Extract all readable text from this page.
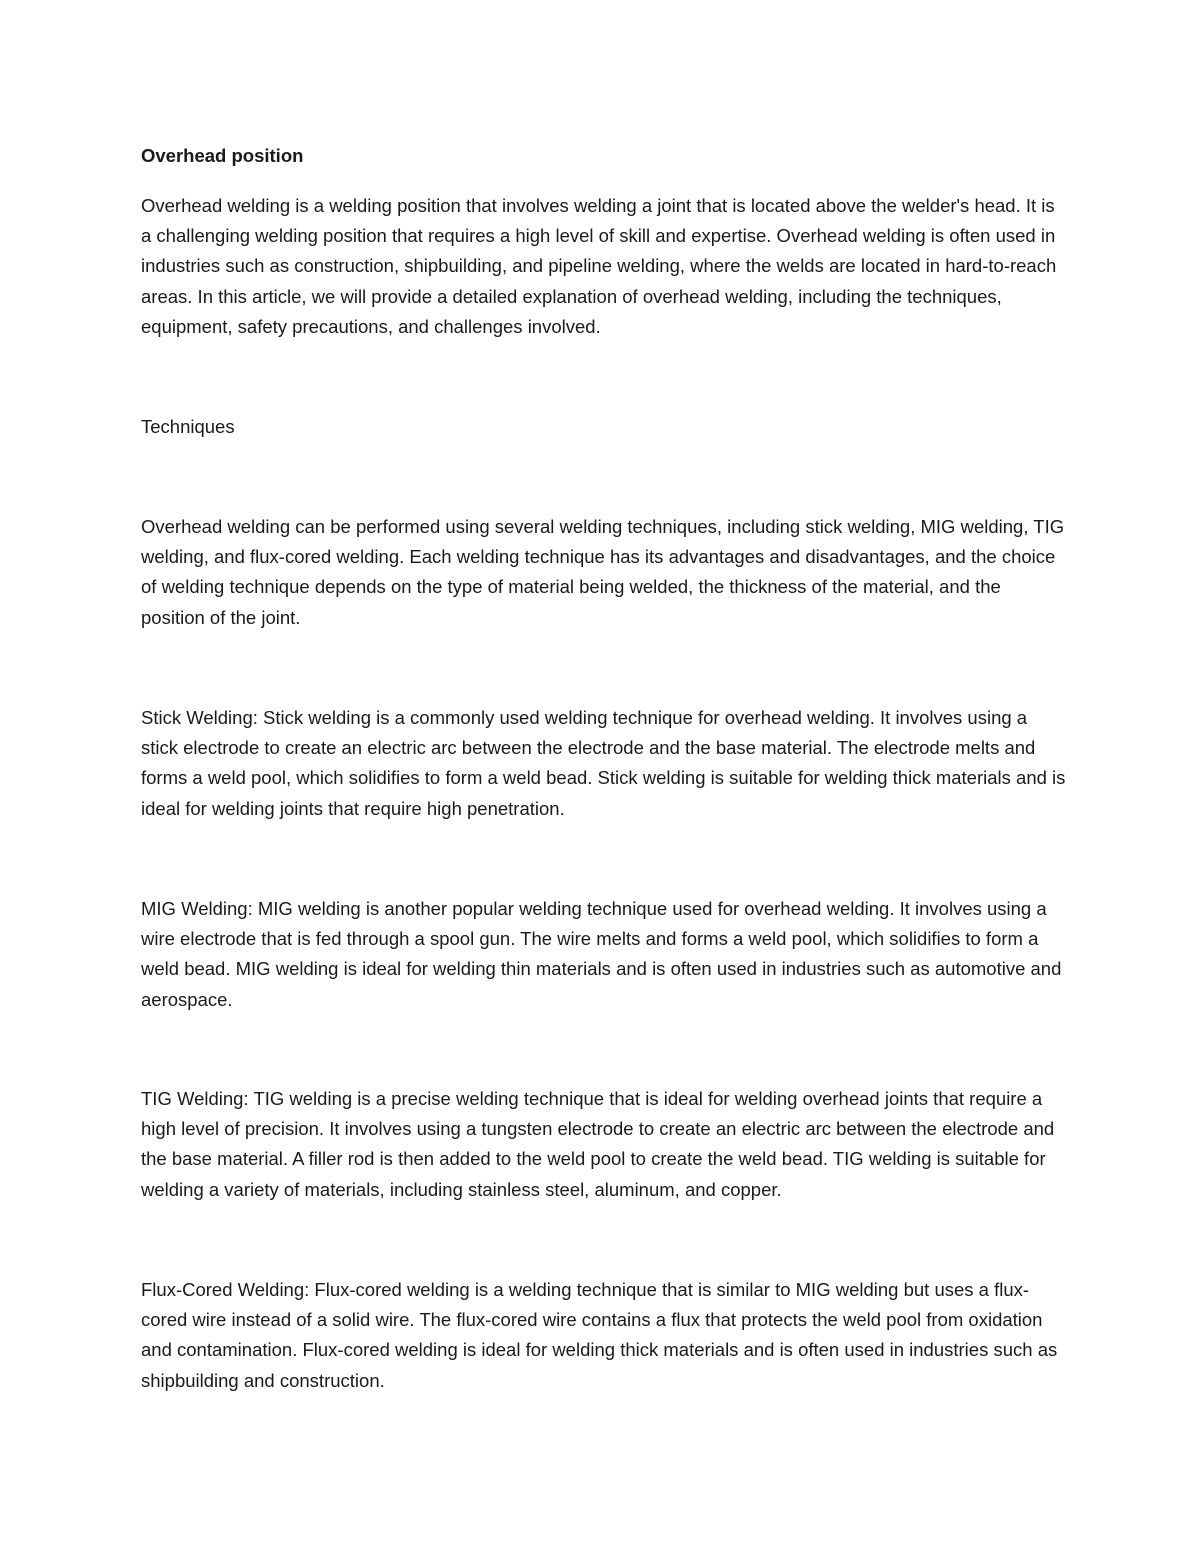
Overhead position

Overhead welding is a welding position that involves welding a joint that is located above the welder's head. It is a challenging welding position that requires a high level of skill and expertise. Overhead welding is often used in industries such as construction, shipbuilding, and pipeline welding, where the welds are located in hard-to-reach areas. In this article, we will provide a detailed explanation of overhead welding, including the techniques, equipment, safety precautions, and challenges involved.

Techniques

Overhead welding can be performed using several welding techniques, including stick welding, MIG welding, TIG welding, and flux-cored welding. Each welding technique has its advantages and disadvantages, and the choice of welding technique depends on the type of material being welded, the thickness of the material, and the position of the joint.

Stick Welding: Stick welding is a commonly used welding technique for overhead welding. It involves using a stick electrode to create an electric arc between the electrode and the base material. The electrode melts and forms a weld pool, which solidifies to form a weld bead. Stick welding is suitable for welding thick materials and is ideal for welding joints that require high penetration.

MIG Welding: MIG welding is another popular welding technique used for overhead welding. It involves using a wire electrode that is fed through a spool gun. The wire melts and forms a weld pool, which solidifies to form a weld bead. MIG welding is ideal for welding thin materials and is often used in industries such as automotive and aerospace.

TIG Welding: TIG welding is a precise welding technique that is ideal for welding overhead joints that require a high level of precision. It involves using a tungsten electrode to create an electric arc between the electrode and the base material. A filler rod is then added to the weld pool to create the weld bead. TIG welding is suitable for welding a variety of materials, including stainless steel, aluminum, and copper.

Flux-Cored Welding: Flux-cored welding is a welding technique that is similar to MIG welding but uses a flux-cored wire instead of a solid wire. The flux-cored wire contains a flux that protects the weld pool from oxidation and contamination. Flux-cored welding is ideal for welding thick materials and is often used in industries such as shipbuilding and construction.
